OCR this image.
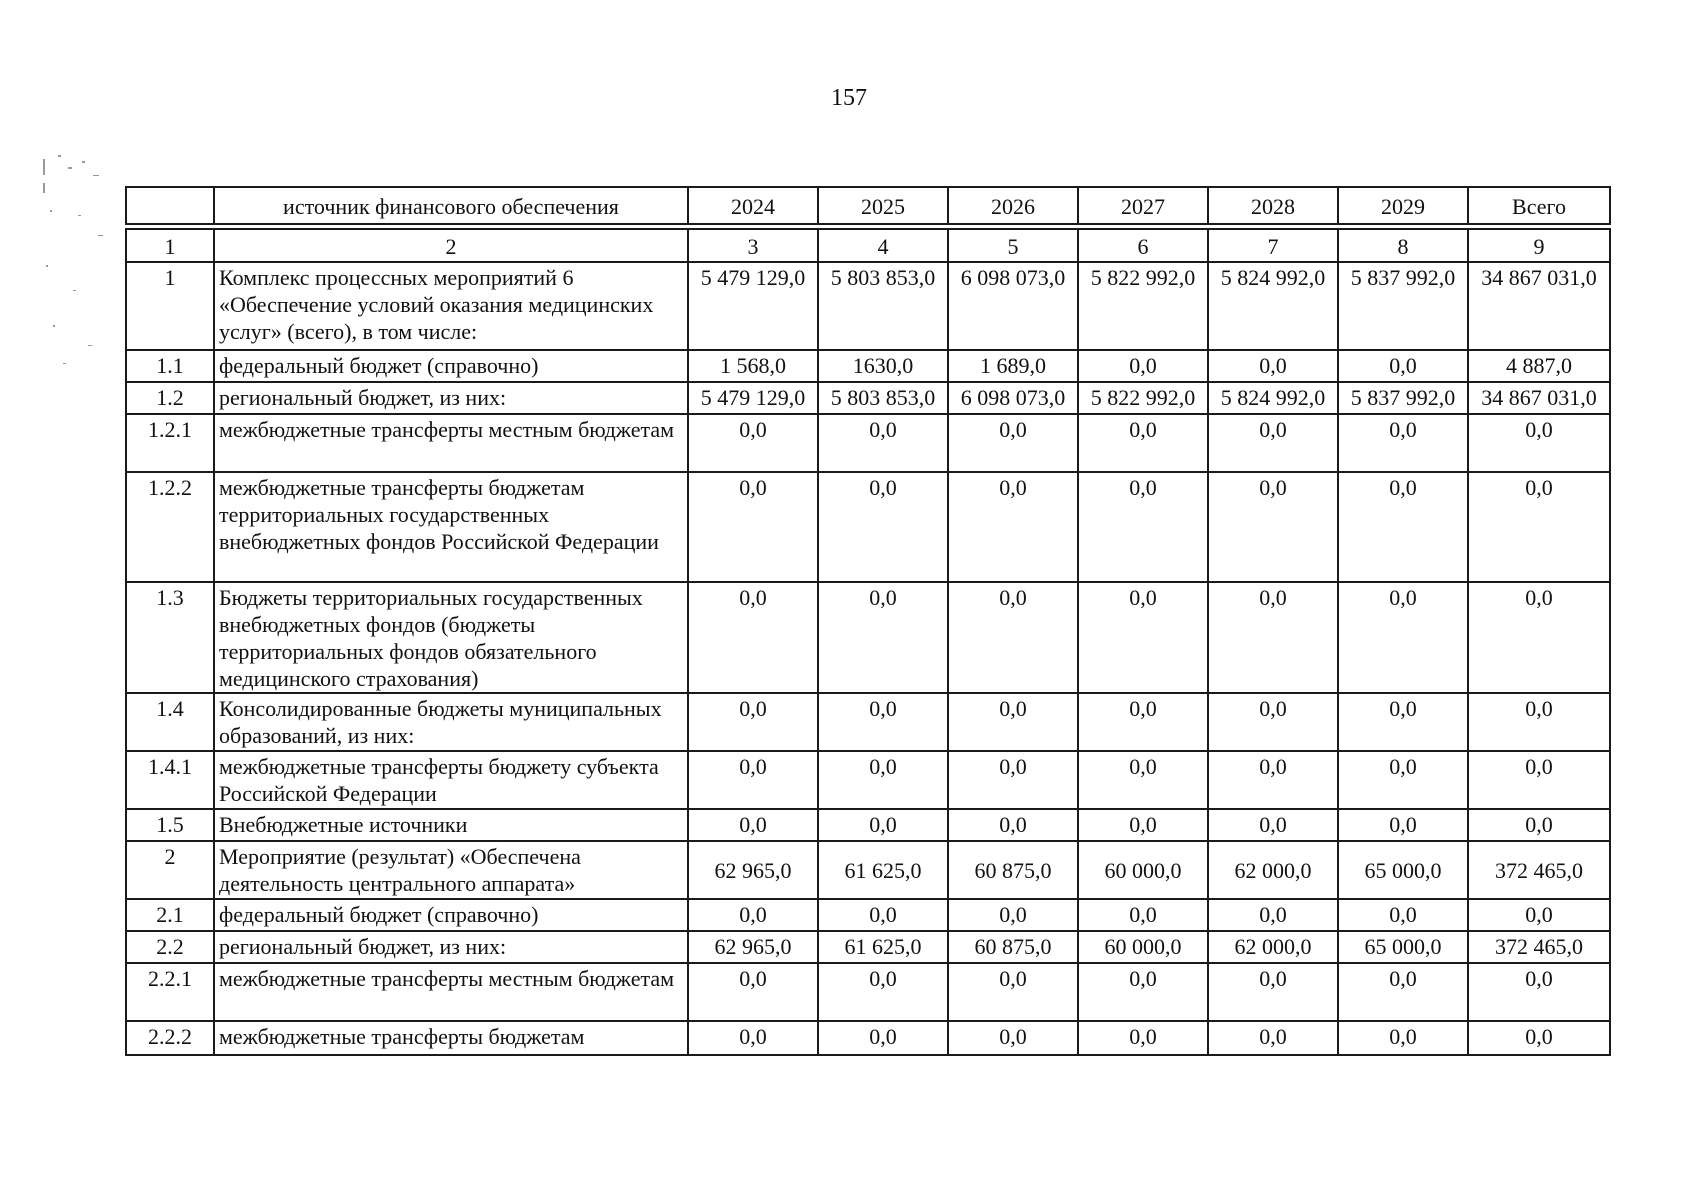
157
	источник финансового обеспечения	2024	2025	2026	2027	2028	2029	Всего

1	2	3	4	5	6	7	8	9
1	Комплекс процессных мероприятий 6 «Обеспечение условий оказания медицинских услуг» (всего), в том числе:	5 479 129,0	5 803 853,0	6 098 073,0	5 822 992,0	5 824 992,0	5 837 992,0	34 867 031,0
1.1	федеральный бюджет (справочно)	1 568,0	1630,0	1 689,0	0,0	0,0	0,0	4 887,0
1.2	региональный бюджет, из них:	5 479 129,0	5 803 853,0	6 098 073,0	5 822 992,0	5 824 992,0	5 837 992,0	34 867 031,0
1.2.1	межбюджетные трансферты местным бюджетам	0,0	0,0	0,0	0,0	0,0	0,0	0,0
1.2.2	межбюджетные трансферты бюджетам территориальных государственных внебюджетных фондов Российской Федерации	0,0	0,0	0,0	0,0	0,0	0,0	0,0
1.3	Бюджеты территориальных государственных внебюджетных фондов (бюджеты территориальных фондов обязательного медицинского страхования)	0,0	0,0	0,0	0,0	0,0	0,0	0,0
1.4	Консолидированные бюджеты муниципальных образований, из них:	0,0	0,0	0,0	0,0	0,0	0,0	0,0
1.4.1	межбюджетные трансферты бюджету субъекта Российской Федерации	0,0	0,0	0,0	0,0	0,0	0,0	0,0
1.5	Внебюджетные источники	0,0	0,0	0,0	0,0	0,0	0,0	0,0
2	Мероприятие (результат) «Обеспечена деятельность центрального аппарата»	62 965,0	61 625,0	60 875,0	60 000,0	62 000,0	65 000,0	372 465,0
2.1	федеральный бюджет (справочно)	0,0	0,0	0,0	0,0	0,0	0,0	0,0
2.2	региональный бюджет, из них:	62 965,0	61 625,0	60 875,0	60 000,0	62 000,0	65 000,0	372 465,0
2.2.1	межбюджетные трансферты местным бюджетам	0,0	0,0	0,0	0,0	0,0	0,0	0,0
2.2.2	межбюджетные трансферты бюджетам	0,0	0,0	0,0	0,0	0,0	0,0	0,0
